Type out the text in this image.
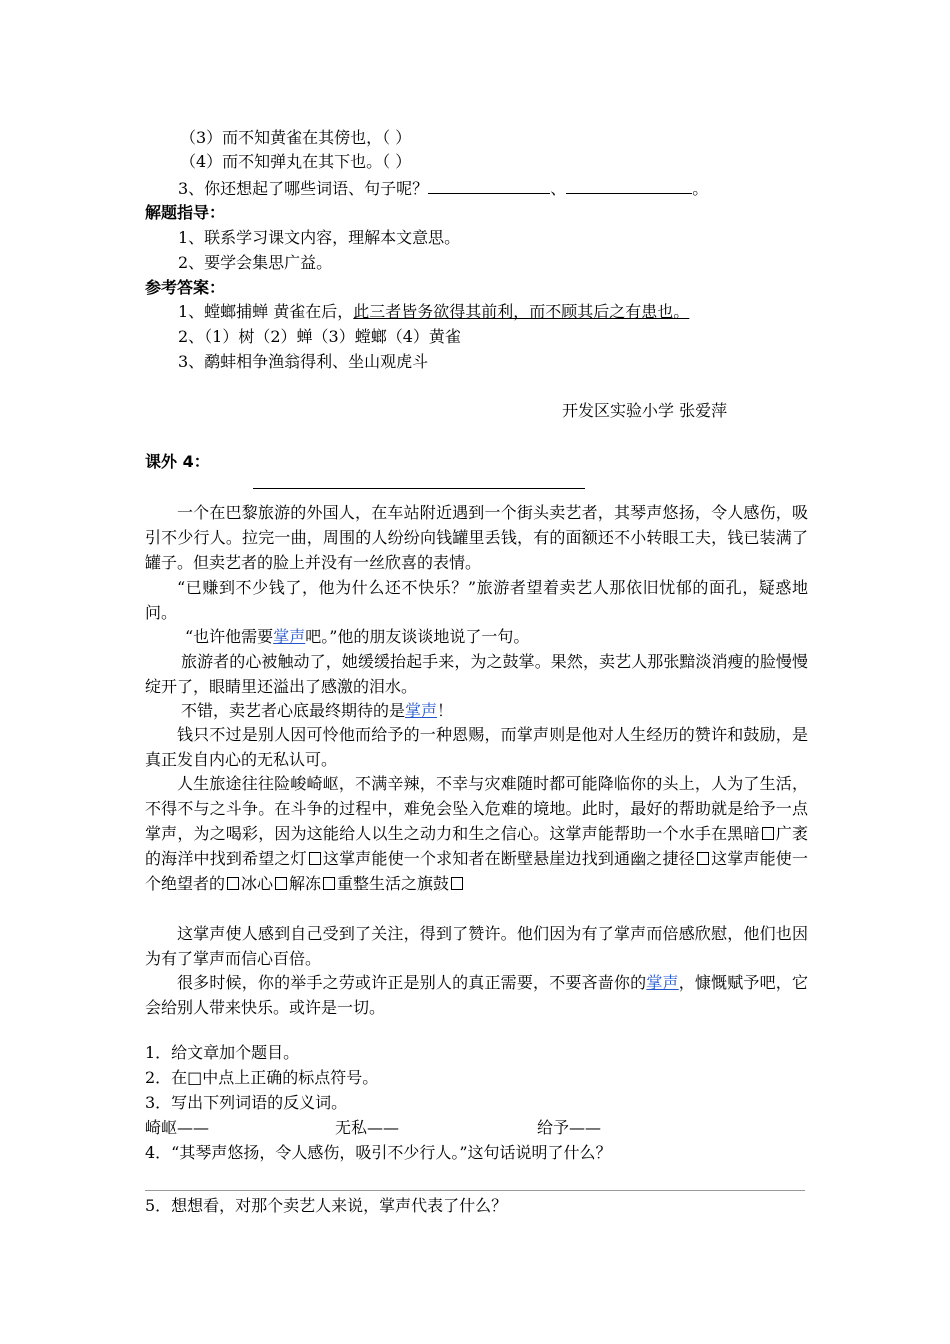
（3）而不知黄雀在其傍也，（ ）
（4）而不知弹丸在其下也。（ ）
3、你还想起了哪些词语、句子呢？	、	。
解题指导：
1、联系学习课文内容，理解本文意思。
2、要学会集思广益。
参考答案：
1、螳螂捕蝉 黄雀在后，此三者皆务欲得其前利，而不顾其后之有患也。
2、（1）树（2）蝉（3）螳螂（4）黄雀
3、鹬蚌相争渔翁得利、坐山观虎斗
开发区实验小学 张爱萍
课外 4：
一个在巴黎旅游的外国人，在车站附近遇到一个街头卖艺者，其琴声悠扬，令人感伤，吸引不少行人。拉完一曲，周围的人纷纷向钱罐里丢钱，有的面额还不小转眼工夫，钱已装满了罐子。但卖艺者的脸上并没有一丝欣喜的表情。
“已赚到不少钱了，他为什么还不快乐？”旅游者望着卖艺人那依旧忧郁的面孔，疑惑地问。
“也许他需要掌声吧。”他的朋友谈谈地说了一句。
旅游者的心被触动了，她缓缓抬起手来，为之鼓掌。果然，卖艺人那张黯淡消瘦的脸慢慢绽开了，眼睛里还溢出了感激的泪水。
不错，卖艺者心底最终期待的是掌声！
钱只不过是别人因可怜他而给予的一种恩赐，而掌声则是他对人生经历的赞许和鼓励，是真正发自内心的无私认可。
人生旅途往往险峻崎岖，不满辛辣，不幸与灾难随时都可能降临你的头上，人为了生活，不得不与之斗争。在斗争的过程中，难免会坠入危难的境地。此时，最好的帮助就是给予一点掌声，为之喝彩，因为这能给人以生之动力和生之信心。这掌声能帮助一个水手在黑暗 广袤的海洋中找到希望之灯 这掌声能使一个求知者在断壁悬崖边找到通幽之捷径 这掌声能使一个绝望者的 冰心 解冻 重整生活之旗鼓
这掌声使人感到自己受到了关注，得到了赞许。他们因为有了掌声而倍感欣慰，他们也因为有了掌声而信心百倍。
很多时候，你的举手之劳或许正是别人的真正需要，不要吝啬你的掌声，慷慨赋予吧，它会给别人带来快乐。或许是一切。
1．给文章加个题目。
2．在□中点上正确的标点符号。
3．写出下列词语的反义词。
崎岖——	无私——	给予——
4．“其琴声悠扬，令人感伤，吸引不少行人。”这句话说明了什么？
5．想想看，对那个卖艺人来说，掌声代表了什么？
